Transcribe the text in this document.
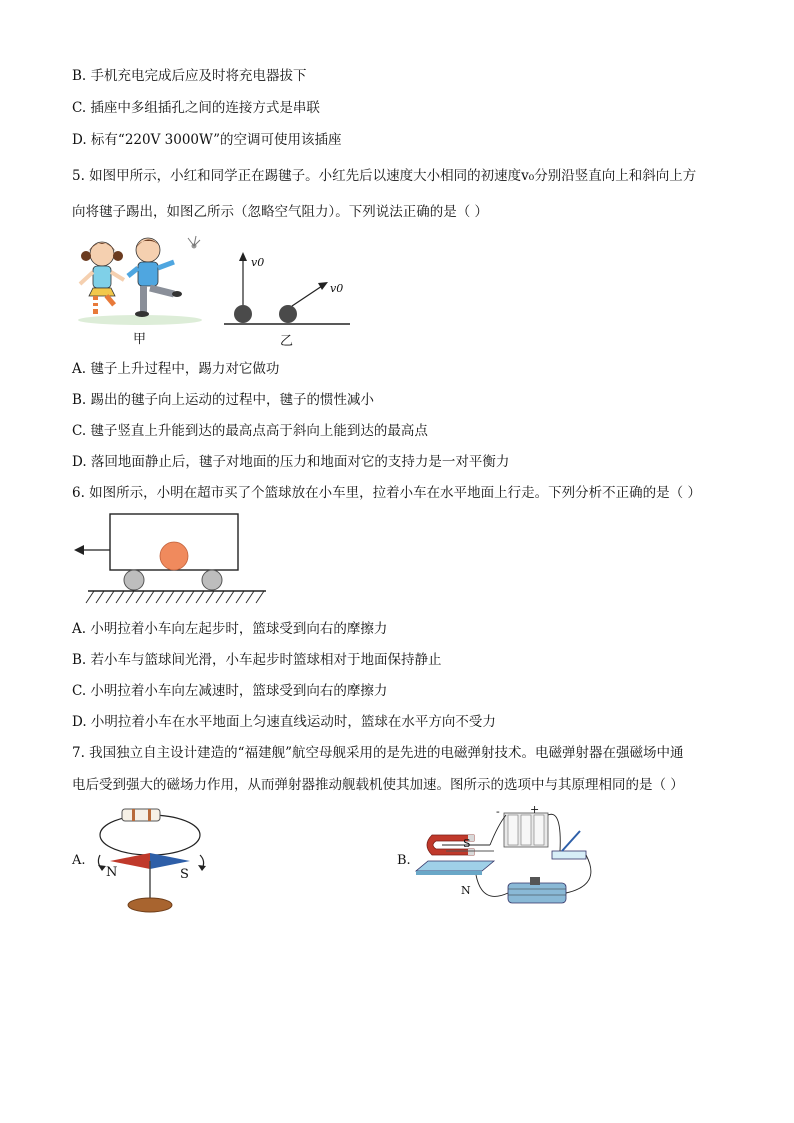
B. 手机充电完成后应及时将充电器拔下
C. 插座中多组插孔之间的连接方式是串联
D. 标有“220V 3000W”的空调可使用该插座
5. 如图甲所示，小红和同学正在踢毽子。小红先后以速度大小相同的初速度v₀分别沿竖直向上和斜向上方
向将毽子踢出，如图乙所示（忽略空气阻力）。下列说法正确的是（ ）
甲
v0
v0
乙
A. 毽子上升过程中，踢力对它做功
B. 踢出的毽子向上运动的过程中，毽子的惯性减小
C. 毽子竖直上升能到达的最高点高于斜向上能到达的最高点
D. 落回地面静止后，毽子对地面的压力和地面对它的支持力是一对平衡力
6. 如图所示，小明在超市买了个篮球放在小车里，拉着小车在水平地面上行走。下列分析不正确的是（ ）
A. 小明拉着小车向左起步时，篮球受到向右的摩擦力
B. 若小车与篮球间光滑，小车起步时篮球相对于地面保持静止
C. 小明拉着小车向左减速时，篮球受到向右的摩擦力
D. 小明拉着小车在水平地面上匀速直线运动时，篮球在水平方向不受力
7. 我国独立自主设计建造的“福建舰”航空母舰采用的是先进的电磁弹射技术。电磁弹射器在强磁场中通
电后受到强大的磁场力作用，从而弹射器推动舰载机使其加速。图所示的选项中与其原理相同的是（ ）
A.
N	S
B.
S
N
-	+
